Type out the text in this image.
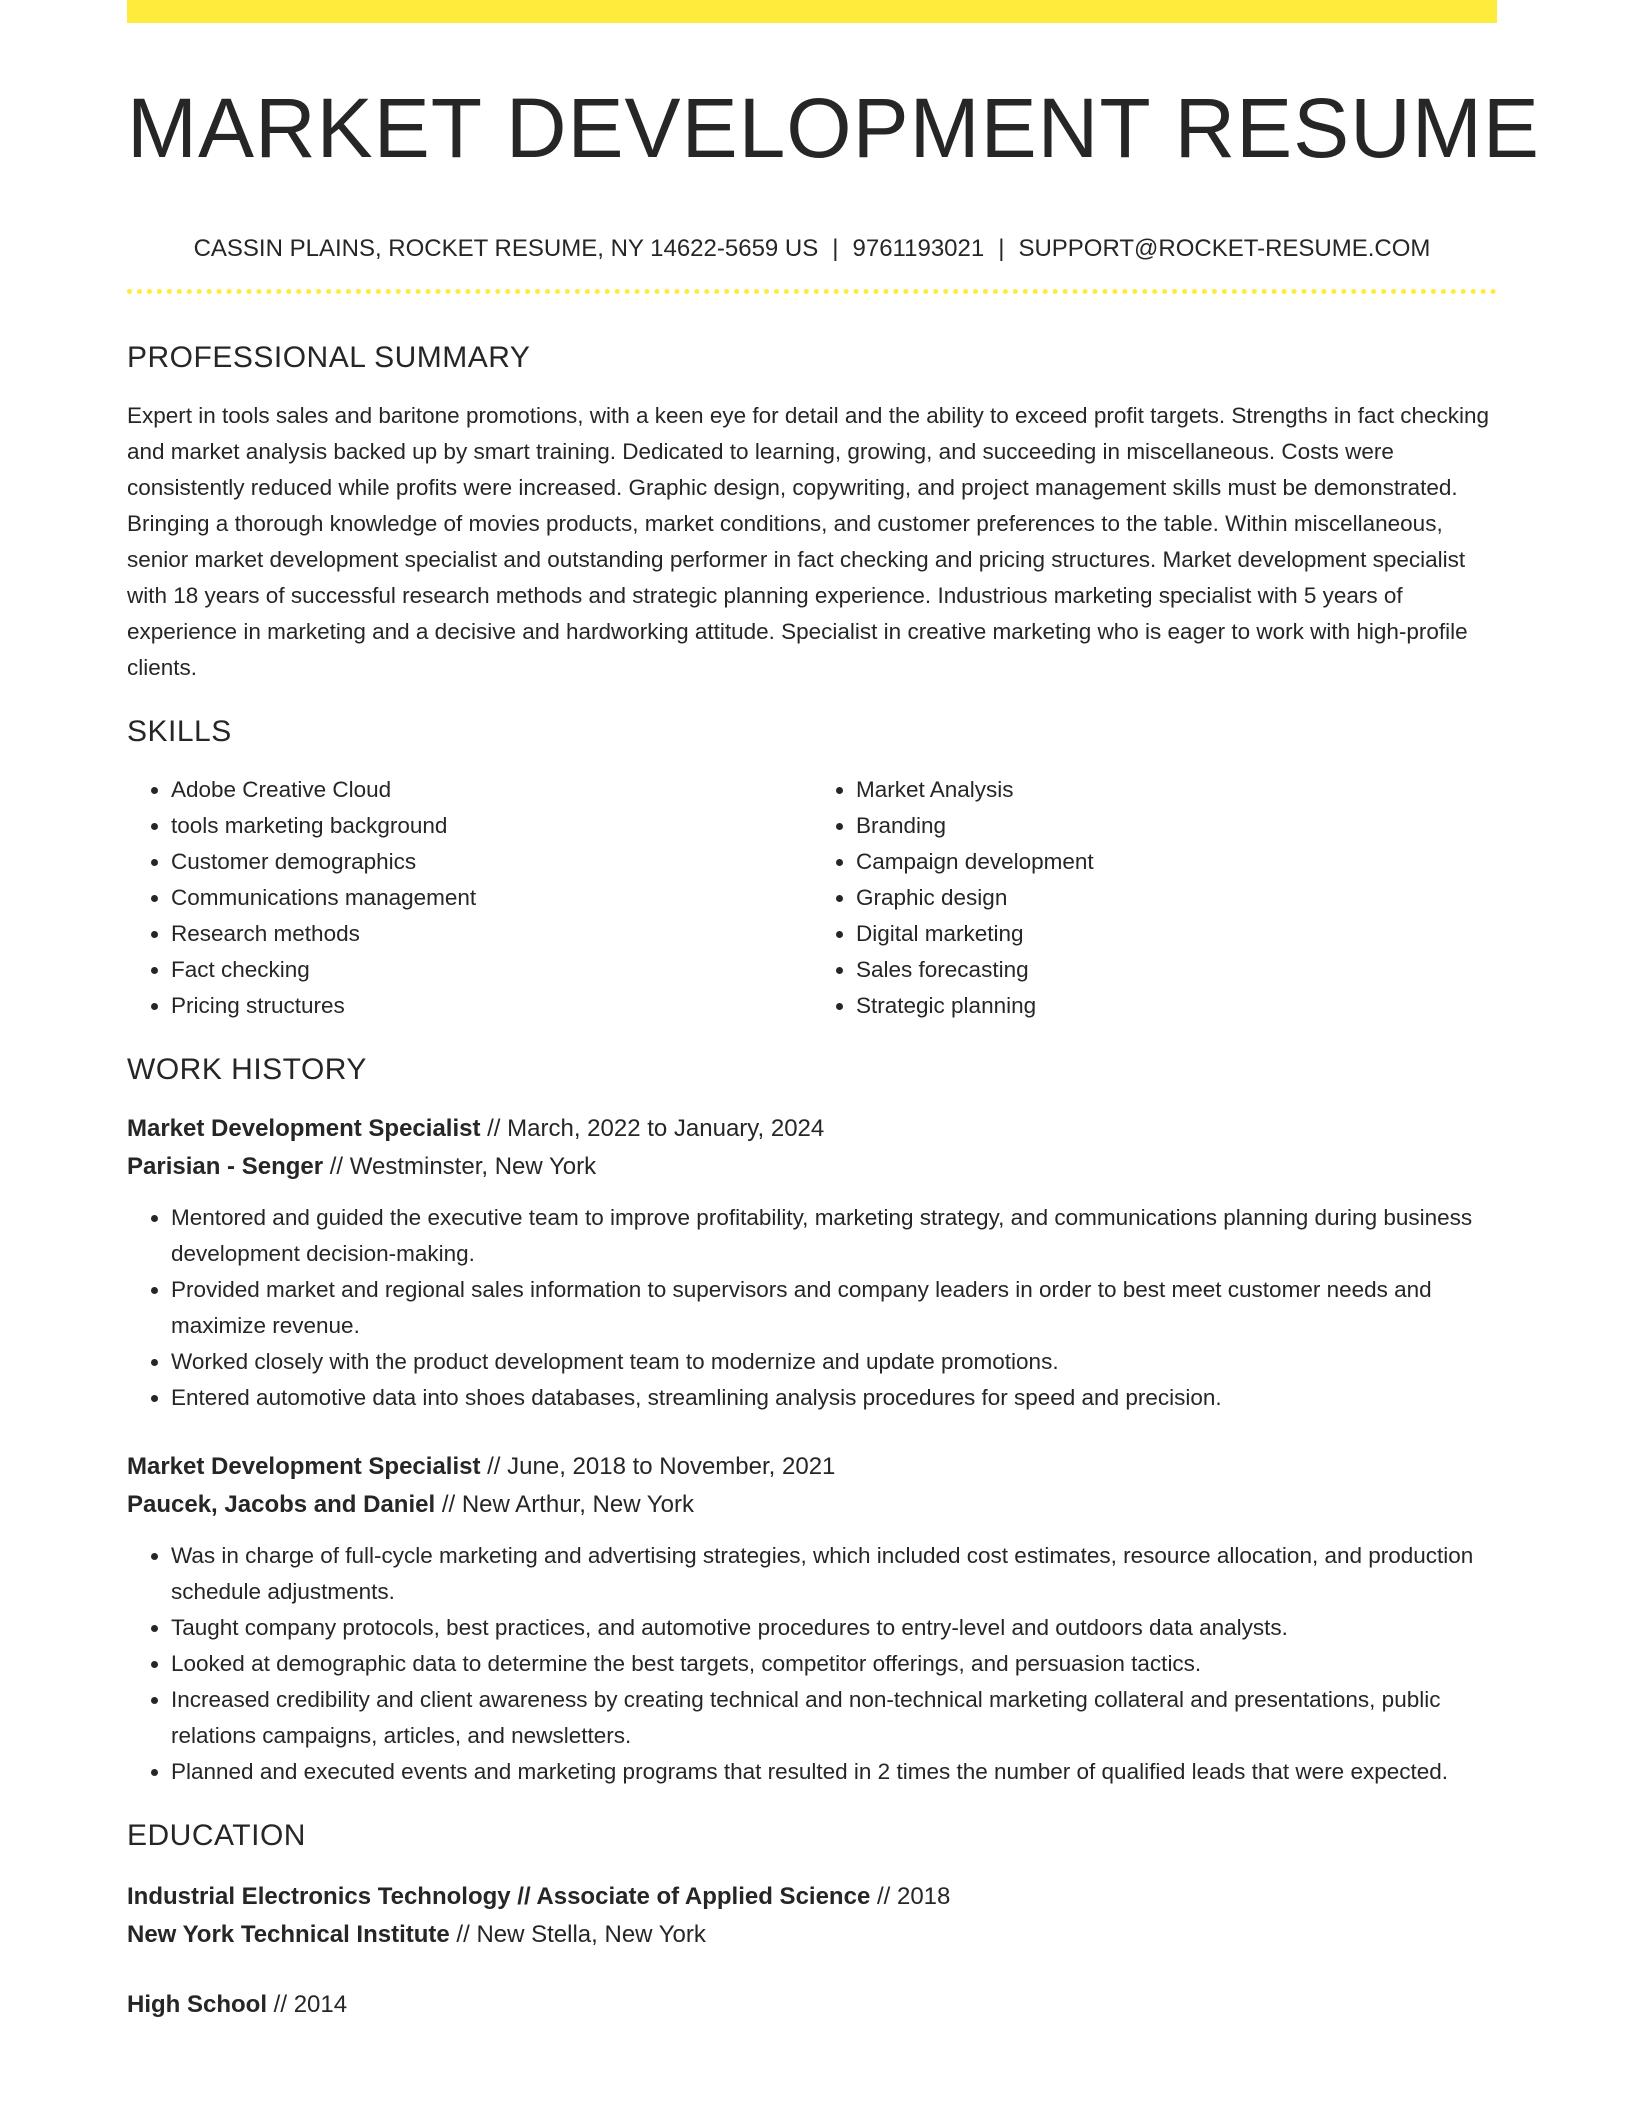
MARKET DEVELOPMENT RESUME
CASSIN PLAINS, ROCKET RESUME, NY 14622-5659 US | 9761193021 | SUPPORT@ROCKET-RESUME.COM
PROFESSIONAL SUMMARY

Expert in tools sales and baritone promotions, with a keen eye for detail and the ability to exceed profit targets. Strengths in fact checking and market analysis backed up by smart training. Dedicated to learning, growing, and succeeding in miscellaneous. Costs were consistently reduced while profits were increased. Graphic design, copywriting, and project management skills must be demonstrated. Bringing a thorough knowledge of movies products, market conditions, and customer preferences to the table. Within miscellaneous, senior market development specialist and outstanding performer in fact checking and pricing structures. Market development specialist with 18 years of successful research methods and strategic planning experience. Industrious marketing specialist with 5 years of experience in marketing and a decisive and hardworking attitude. Specialist in creative marketing who is eager to work with high-profile clients.

SKILLS
• Adobe Creative Cloud
• tools marketing background
• Customer demographics
• Communications management
• Research methods
• Fact checking
• Pricing structures
• Market Analysis
• Branding
• Campaign development
• Graphic design
• Digital marketing
• Sales forecasting
• Strategic planning
WORK HISTORY
Market Development Specialist // March, 2022 to January, 2024
Parisian - Senger // Westminster, New York
• Mentored and guided the executive team to improve profitability, marketing strategy, and communications planning during business development decision-making.
• Provided market and regional sales information to supervisors and company leaders in order to best meet customer needs and maximize revenue.
• Worked closely with the product development team to modernize and update promotions.
• Entered automotive data into shoes databases, streamlining analysis procedures for speed and precision.
Market Development Specialist // June, 2018 to November, 2021
Paucek, Jacobs and Daniel // New Arthur, New York
• Was in charge of full-cycle marketing and advertising strategies, which included cost estimates, resource allocation, and production schedule adjustments.
• Taught company protocols, best practices, and automotive procedures to entry-level and outdoors data analysts.
• Looked at demographic data to determine the best targets, competitor offerings, and persuasion tactics.
• Increased credibility and client awareness by creating technical and non-technical marketing collateral and presentations, public relations campaigns, articles, and newsletters.
• Planned and executed events and marketing programs that resulted in 2 times the number of qualified leads that were expected.
EDUCATION
Industrial Electronics Technology // Associate of Applied Science // 2018
New York Technical Institute // New Stella, New York
High School // 2014
